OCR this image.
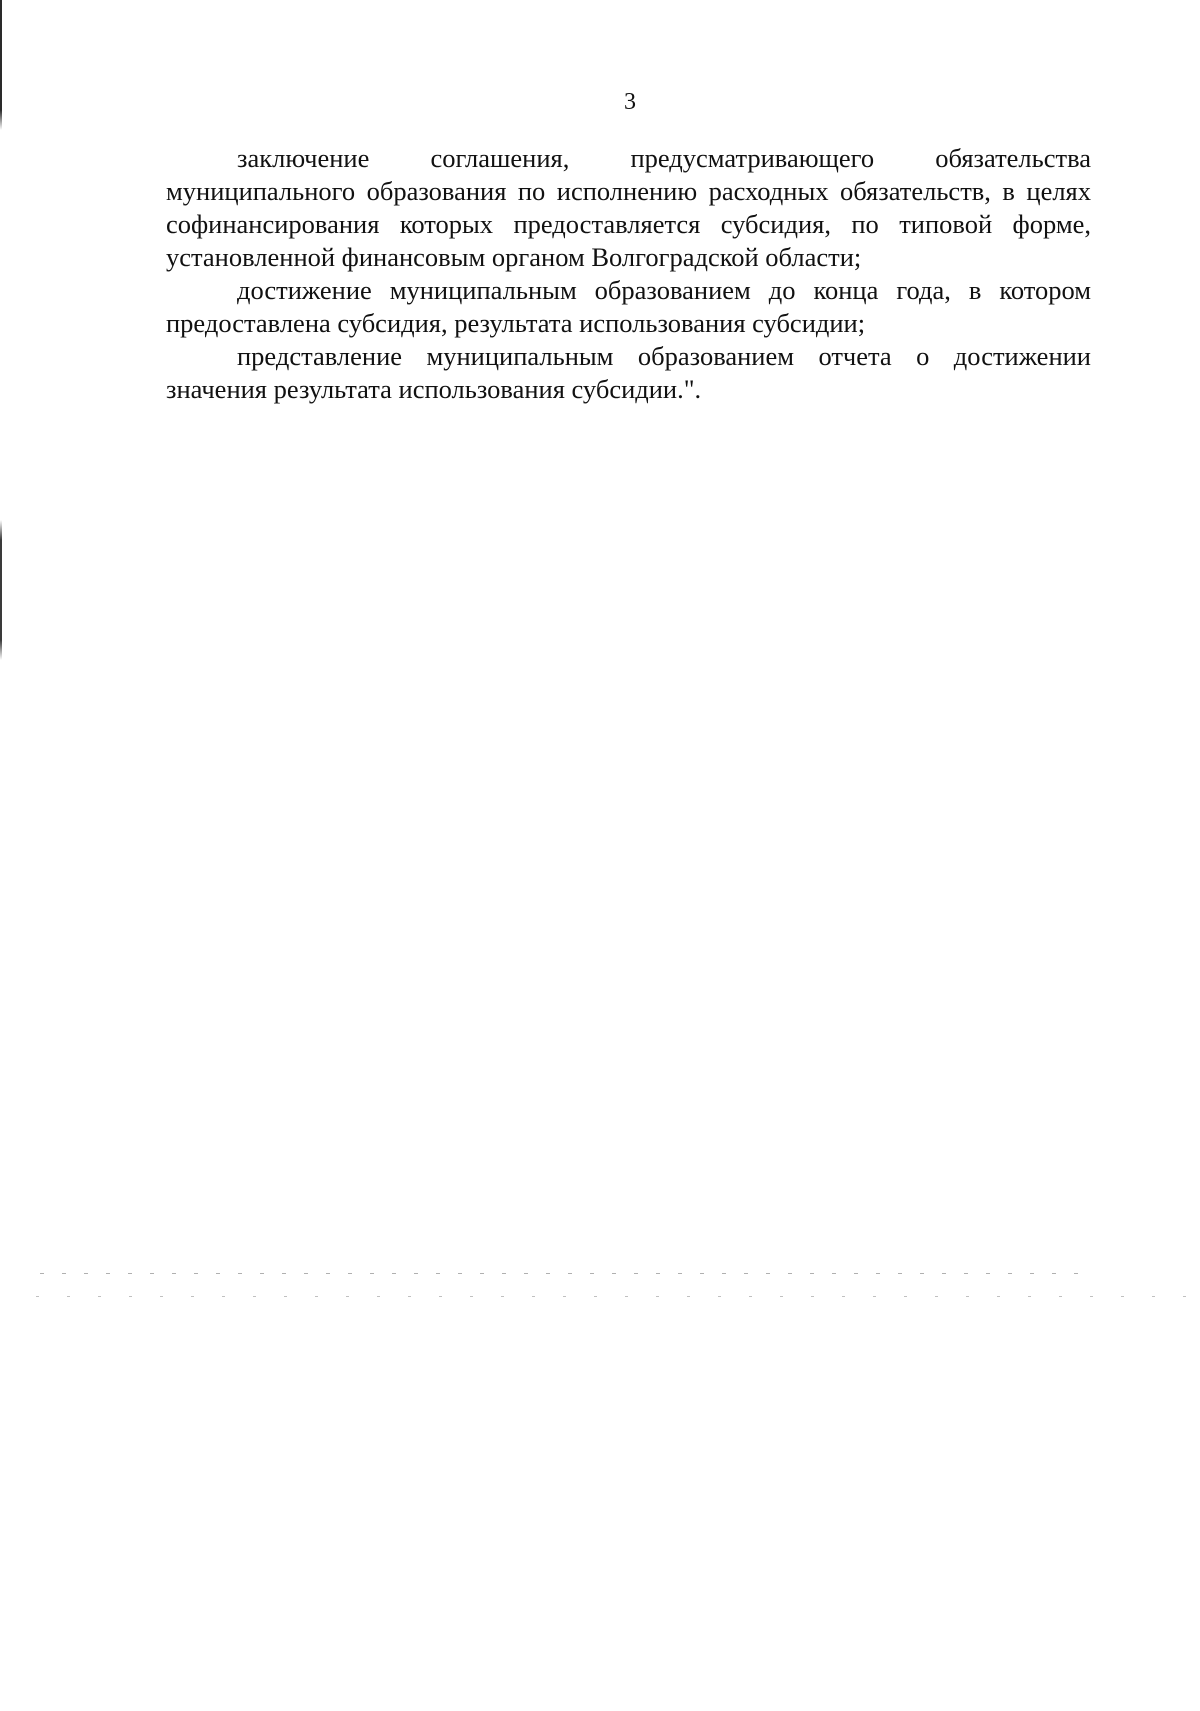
3

заключение соглашения, предусматривающего обязательства муниципального образования по исполнению расходных обязательств, в целях софинансирования которых предоставляется субсидия, по типовой форме, установленной финансовым органом Волгоградской области;

достижение муниципальным образованием до конца года, в котором предоставлена субсидия, результата использования субсидии;

представление муниципальным образованием отчета о достижении значения результата использования субсидии.".
